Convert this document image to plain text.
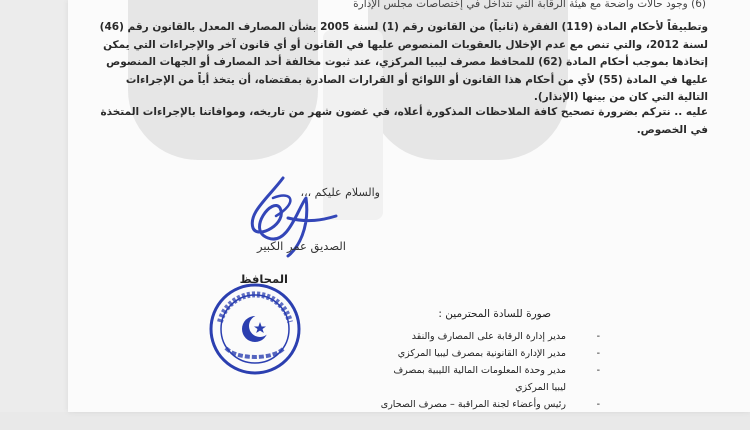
(6) وجود حالات واضحة مع هيئة الرقابة التي تتداخل في إختصاصات مجلس الإدارة
وتطبيقاً لأحكام المادة (119) الفقرة (ثانياً) من القانون رقم (1) لسنة 2005 بشأن المصارف المعدل بالقانون رقم (46) لسنة 2012، والتي تنص مع عدم الإخلال بالعقوبات المنصوص عليها في القانون أو أي قانون آخر والإجراءات التي يمكن إتخاذها بموجب أحكام المادة (62) للمحافظ مصرف ليبيا المركزي، عند ثبوت مخالفة أحد المصارف أو الجهات المنصوص عليها في المادة (55) لأي من أحكام هذا القانون أو اللوائح أو القرارات الصادرة بمقتضاه، أن يتخذ أياً من الإجراءات التالية التي كان من بينها (الإنذار).
عليه .. نتركم بضرورة تصحيح كافة الملاحظات المذكورة أعلاه، في غضون شهر من تاريخه، وموافاتنا بالإجراءات المتخذة في الخصوص.
والسلام عليكم ،،،
الصديق عمر الكبير
المحافظ
صورة للسادة المحترمين :
-
مدير إدارة الرقابة على المصارف والنقد
-
مدير الإدارة القانونية بمصرف ليبيا المركزي
-
مدير وحدة المعلومات المالية الليبية بمصرف ليبيا المركزي
-
رئيس وأعضاء لجنة المراقبة – مصرف الصحارى
